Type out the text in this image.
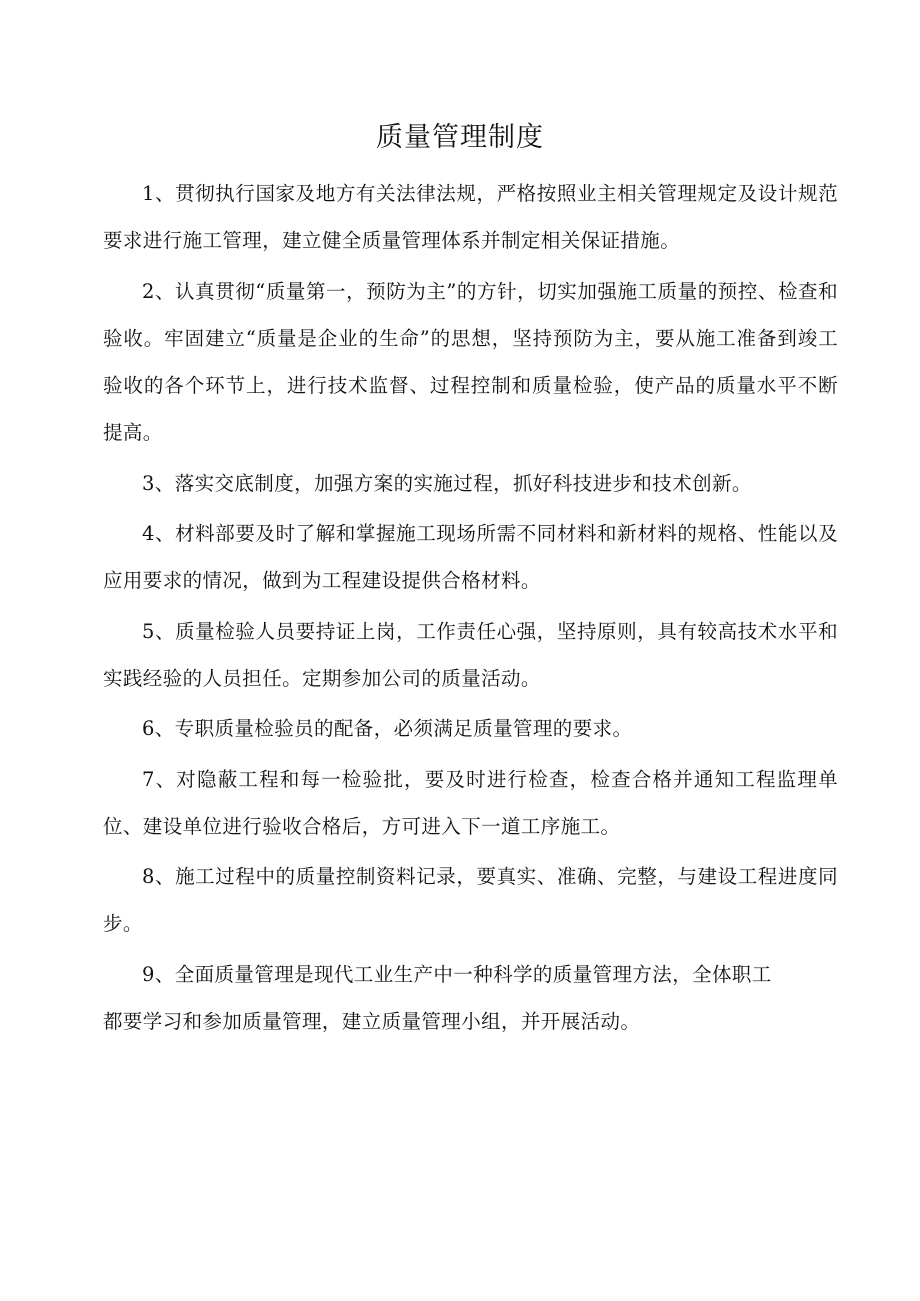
质量管理制度

1、贯彻执行国家及地方有关法律法规，严格按照业主相关管理规定及设计规范要求进行施工管理，建立健全质量管理体系并制定相关保证措施。

2、认真贯彻“质量第一，预防为主”的方针，切实加强施工质量的预控、检查和验收。牢固建立“质量是企业的生命”的思想，坚持预防为主，要从施工准备到竣工验收的各个环节上，进行技术监督、过程控制和质量检验，使产品的质量水平不断提高。

3、落实交底制度，加强方案的实施过程，抓好科技进步和技术创新。

4、材料部要及时了解和掌握施工现场所需不同材料和新材料的规格、性能以及应用要求的情况，做到为工程建设提供合格材料。

5、质量检验人员要持证上岗，工作责任心强，坚持原则，具有较高技术水平和实践经验的人员担任。定期参加公司的质量活动。

6、专职质量检验员的配备，必须满足质量管理的要求。

7、对隐蔽工程和每一检验批，要及时进行检查，检查合格并通知工程监理单位、建设单位进行验收合格后，方可进入下一道工序施工。

8、施工过程中的质量控制资料记录，要真实、准确、完整，与建设工程进度同步。

9、全面质量管理是现代工业生产中一种科学的质量管理方法，全体职工

都要学习和参加质量管理，建立质量管理小组，并开展活动。
